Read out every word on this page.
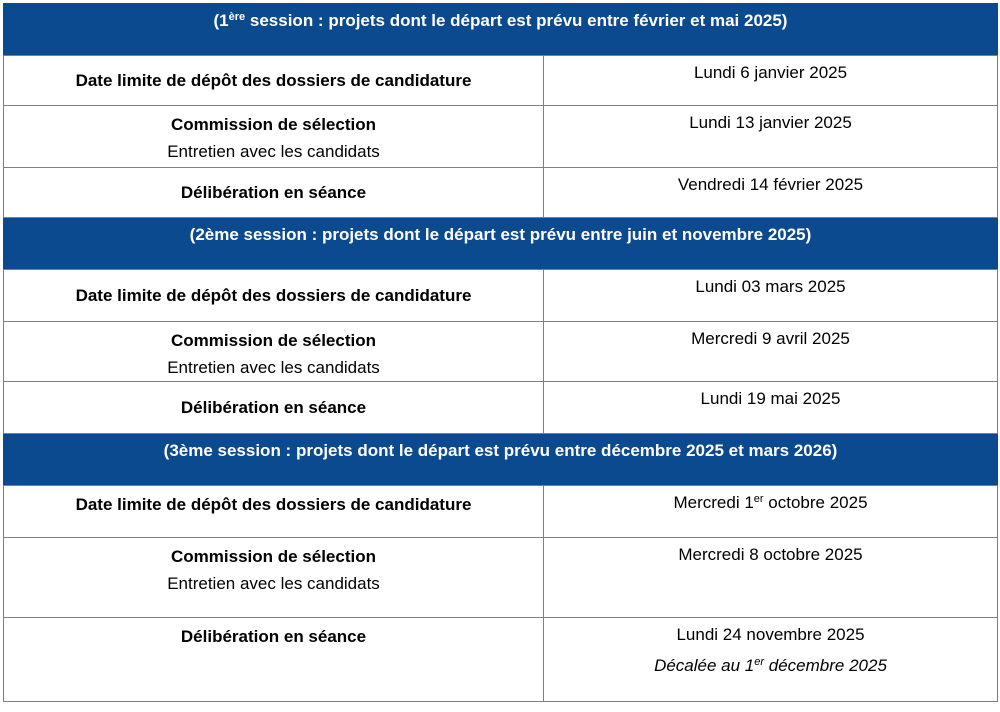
(1ère session : projets dont le départ est prévu entre février et mai 2025)	
Date limite de dépôt des dossiers de candidature	Lundi 6 janvier 2025
Commission de sélection
Entretien avec les candidats	Lundi 13 janvier 2025
Délibération en séance	Vendredi 14 février 2025
(2ème session : projets dont le départ est prévu entre juin et novembre 2025)	
Date limite de dépôt des dossiers de candidature	Lundi 03 mars 2025
Commission de sélection
Entretien avec les candidats	Mercredi 9 avril 2025
Délibération en séance	Lundi 19 mai 2025
(3ème session : projets dont le départ est prévu entre décembre 2025 et mars 2026)	
Date limite de dépôt des dossiers de candidature	Mercredi 1er octobre 2025
Commission de sélection
Entretien avec les candidats	Mercredi 8 octobre 2025
Délibération en séance	Lundi 24 novembre 2025
Décalée au 1er décembre 2025
